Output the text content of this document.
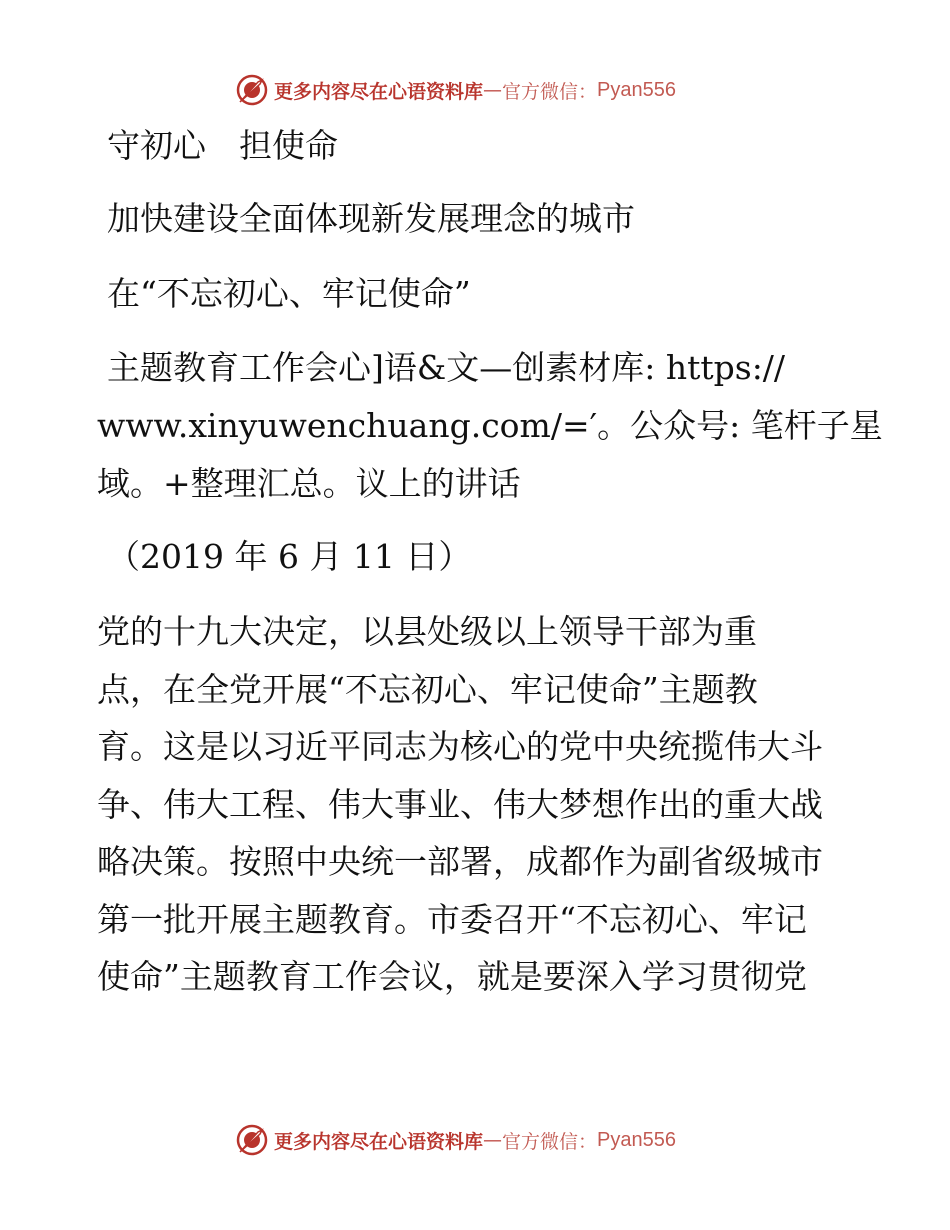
更多内容尽在心语资料库 — 官方微信： Pyan556
守初心　担使命
加快建设全面体现新发展理念的城市
在“不忘初心、牢记使命”
主题教育工作会心]语&文—创素材库: https://
www.xinyuwenchuang.com/=′。公众号: 笔杆子星
域。+整理汇总。议上的讲话
（2019 年 6 月 11 日）

党的十九大决定，以县处级以上领导干部为重

点，在全党开展“不忘初心、牢记使命”主题教

育。这是以习近平同志为核心的党中央统揽伟大斗

争、伟大工程、伟大事业、伟大梦想作出的重大战

略决策。按照中央统一部署，成都作为副省级城市

第一批开展主题教育。市委召开“不忘初心、牢记

使命”主题教育工作会议，就是要深入学习贯彻党

更多内容尽在心语资料库 — 官方微信： Pyan556
